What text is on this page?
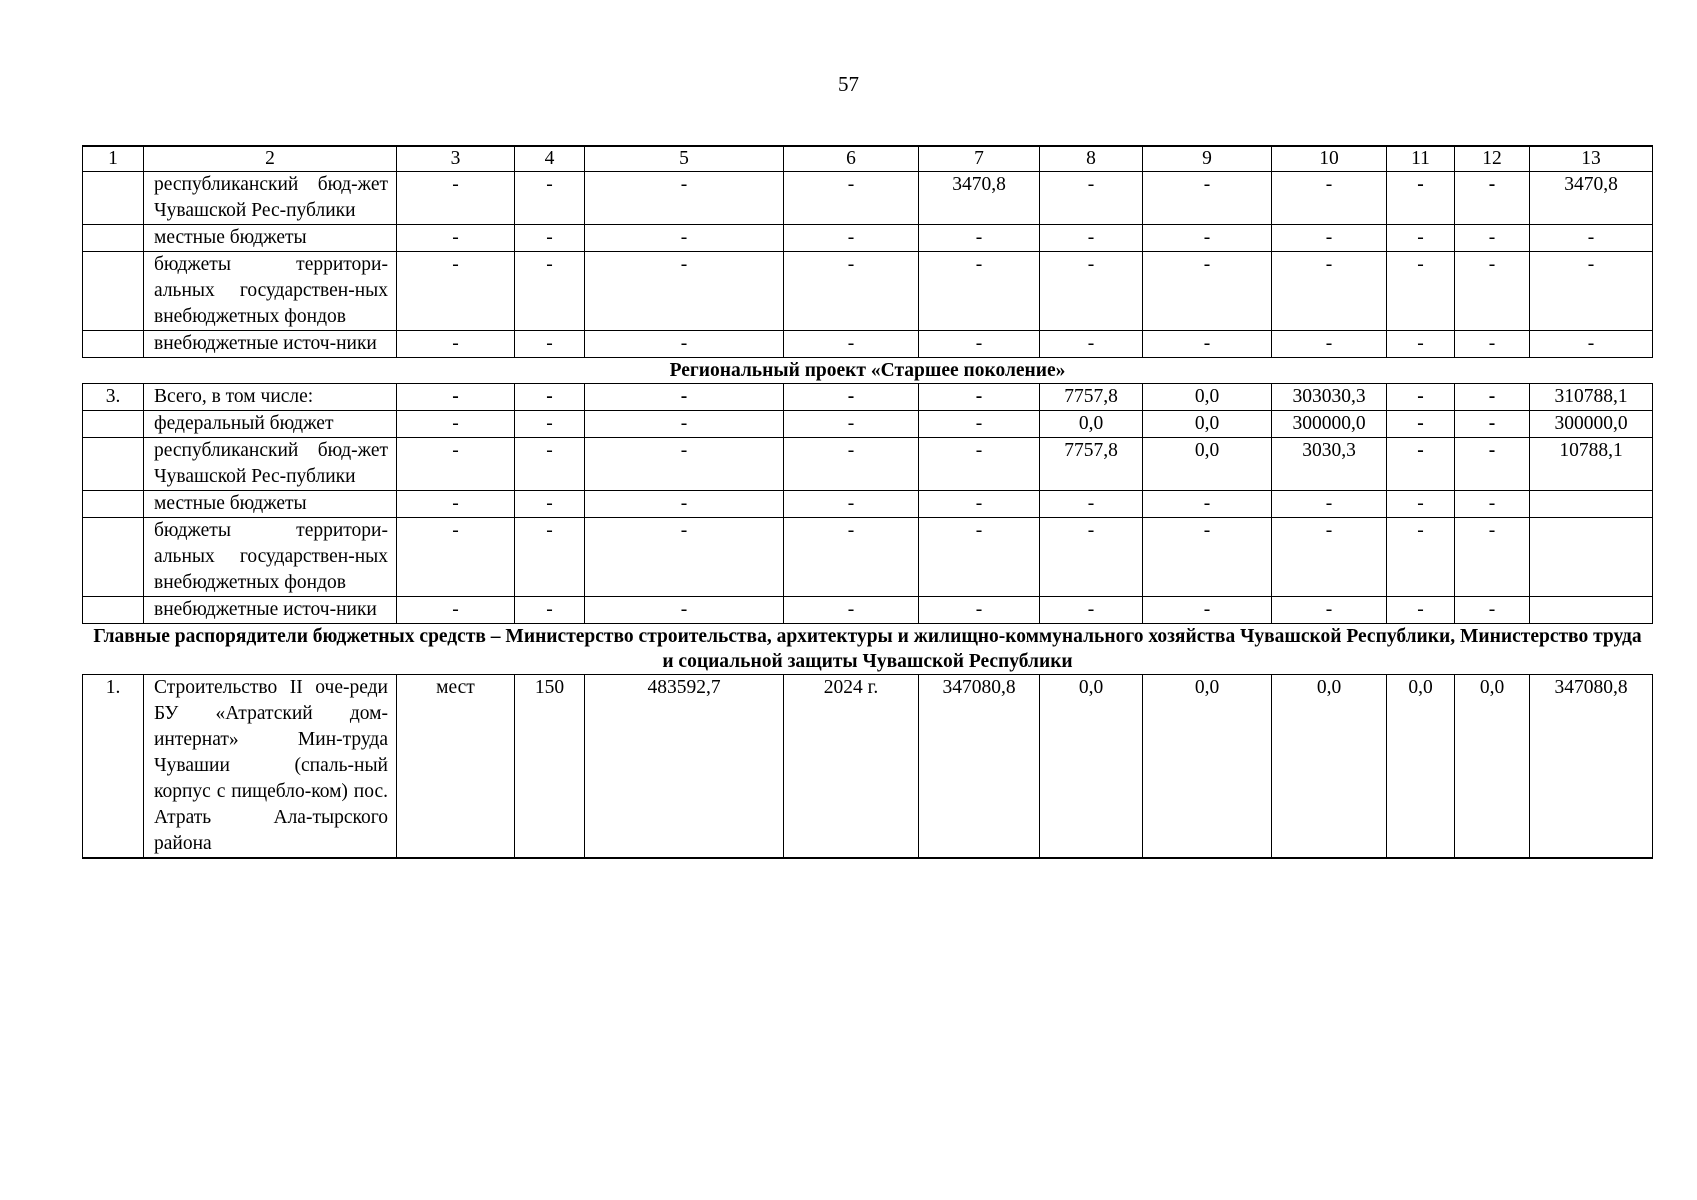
57
1	2	3	4	5	6	7	8	9	10	11	12	13
	республиканский бюд-жет Чувашской Рес-публики	-	-	-	-	3470,8	-	-	-	-	-	3470,8
	местные бюджеты	-	-	-	-	-	-	-	-	-	-	-
	бюджеты территори-альных государствен-ных внебюджетных фондов	-	-	-	-	-	-	-	-	-	-	-
	внебюджетные источ-ники	-	-	-	-	-	-	-	-	-	-	-
Региональный проект «Старшее поколение»												
3.	Всего, в том числе:	-	-	-	-	-	7757,8	0,0	303030,3	-	-	310788,1
	федеральный бюджет	-	-	-	-	-	0,0	0,0	300000,0	-	-	300000,0
	республиканский бюд-жет Чувашской Рес-публики	-	-	-	-	-	7757,8	0,0	3030,3	-	-	10788,1
	местные бюджеты	-	-	-	-	-	-	-	-	-	-	
	бюджеты территори-альных государствен-ных внебюджетных фондов	-	-	-	-	-	-	-	-	-	-	
	внебюджетные источ-ники	-	-	-	-	-	-	-	-	-	-	
Главные распорядители бюджетных средств – Министерство строительства, архитектуры и жилищно-коммунального хозяйства Чувашской Республики, Министерство труда и социальной защиты Чувашской Республики												
1.	Строительство II оче-реди БУ «Атратский дом-интернат» Мин-труда Чувашии (спаль-ный корпус с пищебло-ком) пос. Атрать Ала-тырского района	мест	150	483592,7	2024 г.	347080,8	0,0	0,0	0,0	0,0	0,0	347080,8
